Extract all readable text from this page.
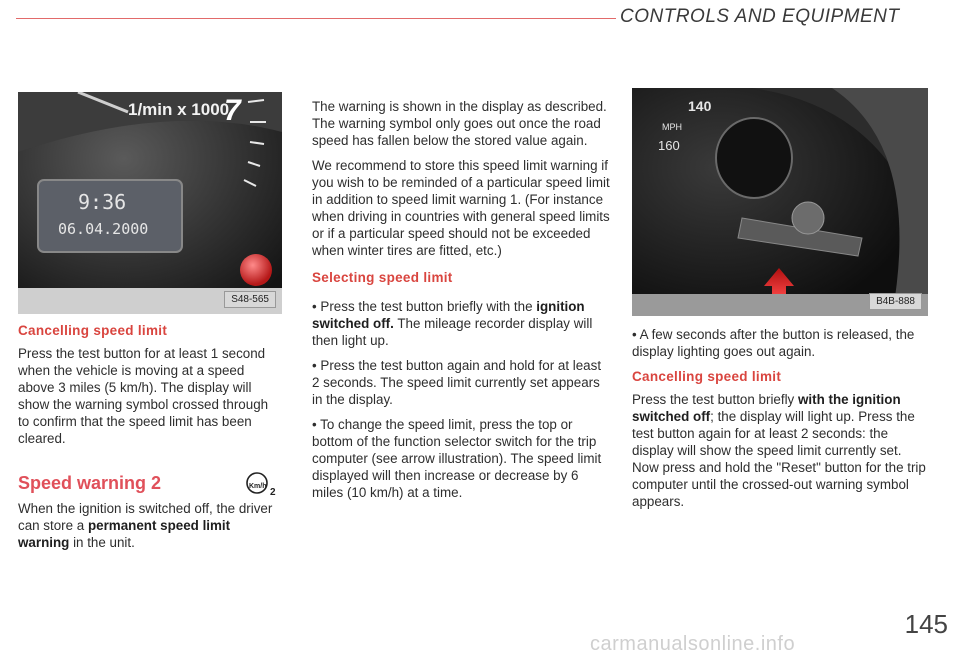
CONTROLS AND EQUIPMENT
1/min x 1000
7
9:36
06.04.2000
S48-565
Cancelling speed limit

Press the test button for at least 1 second when the vehicle is moving at a speed above 3 miles (5 km/h). The display will show the warning symbol crossed through to confirm that the speed limit has been cleared.

Speed warning 2	Km/h
2

When the ignition is switched off, the driver can store a permanent speed limit warning in the unit.

The warning is shown in the display as described. The warning symbol only goes out once the road speed has fallen below the stored value again.

We recommend to store this speed limit warning if you wish to be reminded of a particular speed limit in addition to speed limit warning 1. (For instance when driving in countries with general speed limits or if a particular speed should not be exceeded when winter tires are fitted, etc.)

Selecting speed limit

• Press the test button briefly with the ignition switched off. The mileage recorder display will then light up.

• Press the test button again and hold for at least 2 seconds. The speed limit currently set appears in the display.

• To change the speed limit, press the top or bottom of the function selector switch for the trip computer (see arrow illustration). The speed limit displayed will then increase or decrease by 6 miles (10 km/h) at a time.

140
MPH
160
B4B-888

• A few seconds after the button is released, the display lighting goes out again.

Cancelling speed limit

Press the test button briefly with the ignition switched off; the display will light up. Press the test button again for at least 2 seconds: the display will show the speed limit currently set. Now press and hold the "Reset" button for the trip computer until the crossed-out warning symbol appears.

carmanualsonline.info
145
